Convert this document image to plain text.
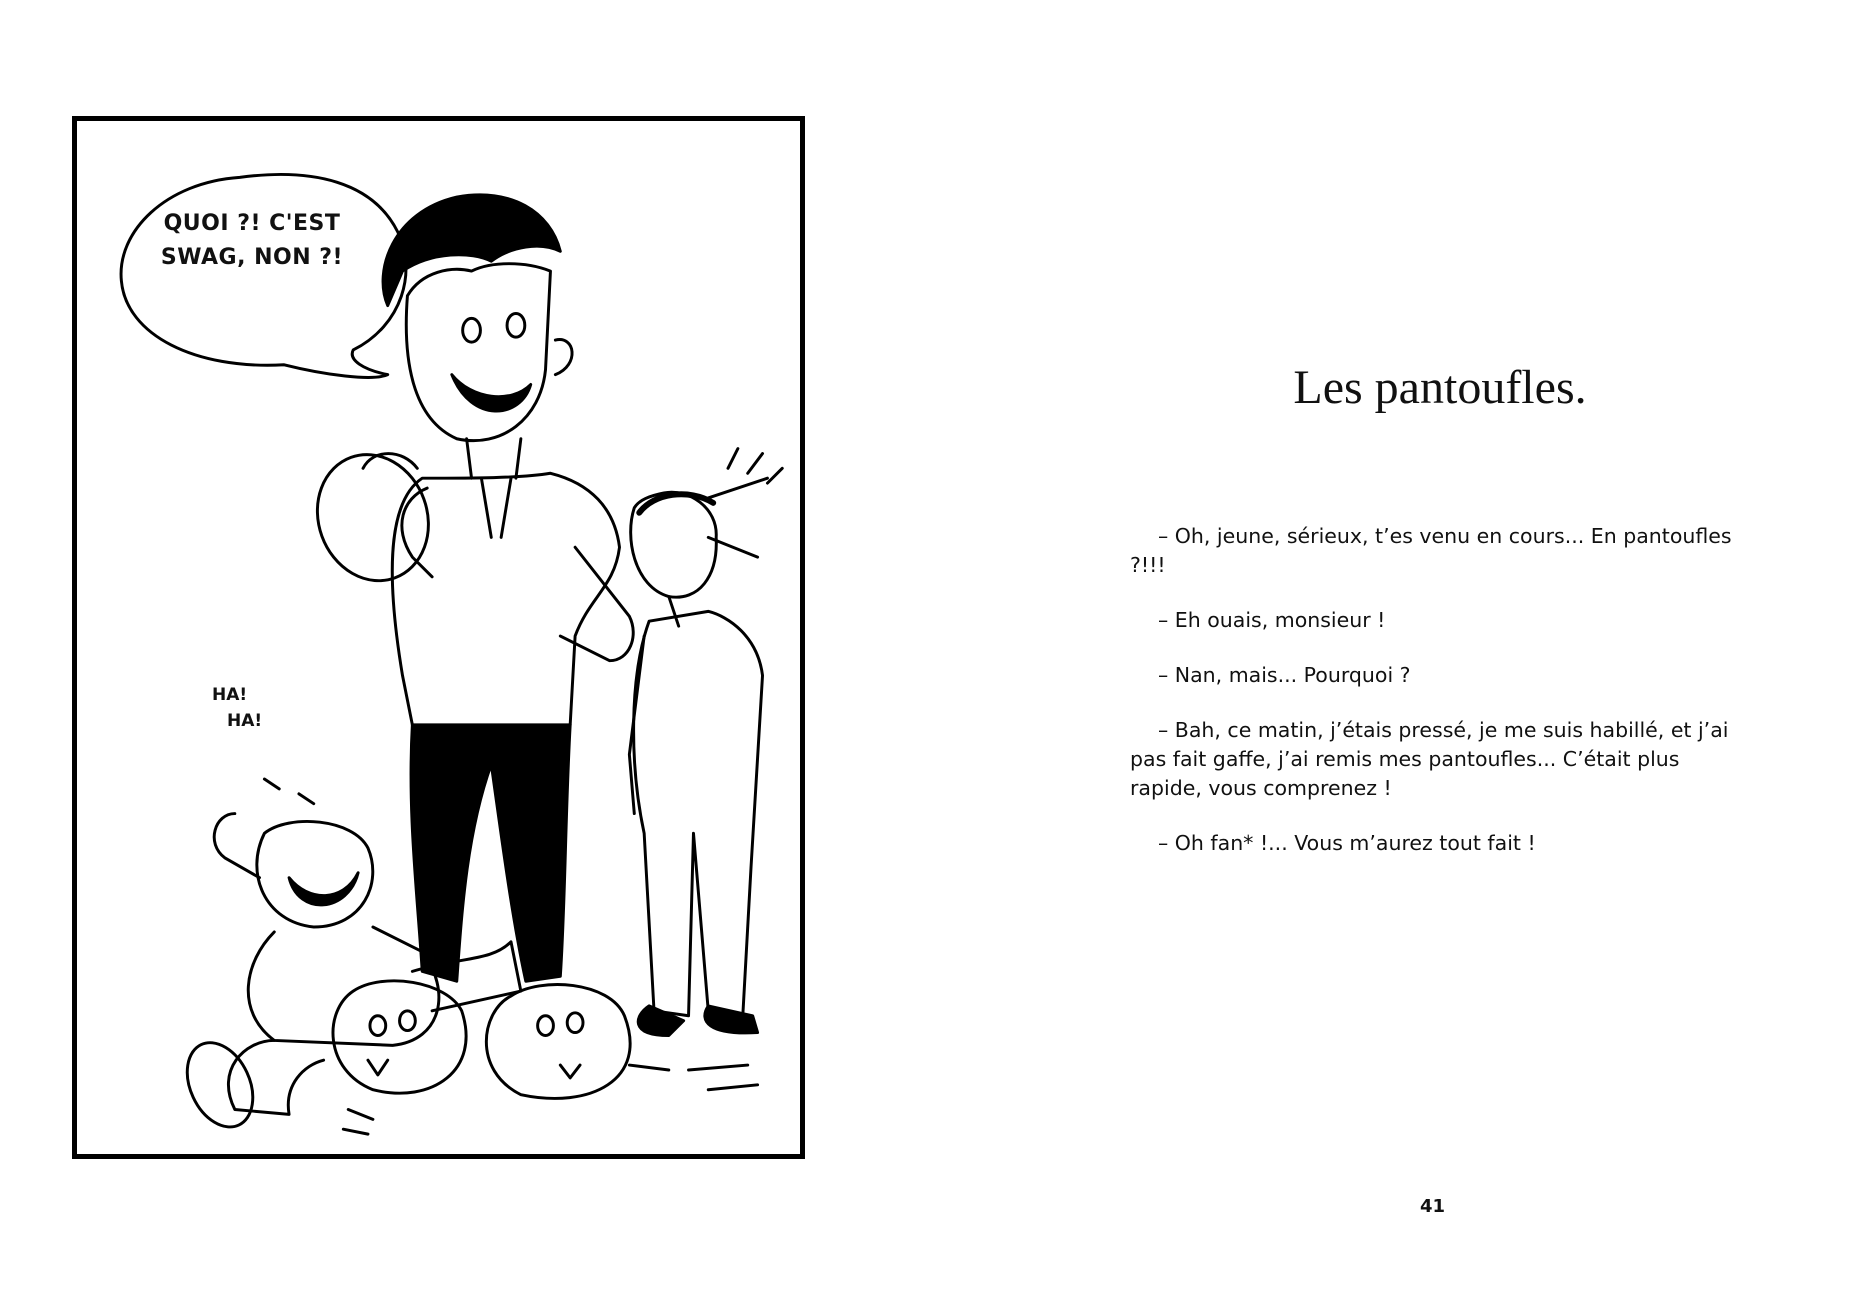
QUOI ?! C'EST
SWAG, NON ?!
HA!
HA!
Les pantoufles.

– Oh, jeune, sérieux, t’es venu en cours... En pantoufles ?!!!

– Eh ouais, monsieur !

– Nan, mais... Pourquoi ?

– Bah, ce matin, j’étais pressé, je me suis habillé, et j’ai pas fait gaffe, j’ai remis mes pantoufles... C’était plus rapide, vous comprenez !

– Oh fan* !... Vous m’aurez tout fait !

41
